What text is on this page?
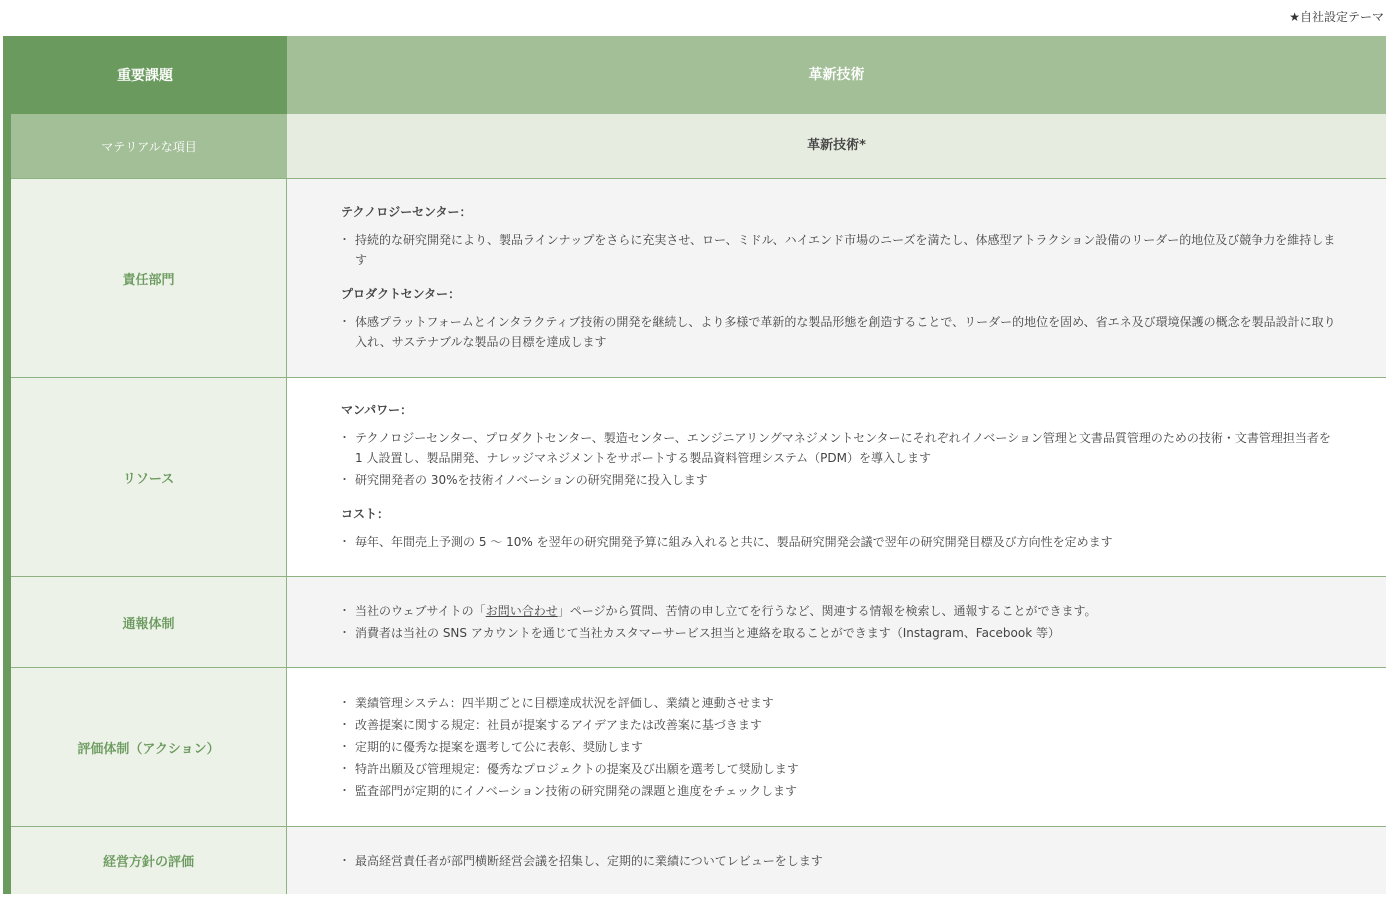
★自社設定テーマ
重要課題	革新技術
マテリアルな項目	革新技術*
責任部門
テクノロジーセンター：
・ 持続的な研究開発により、製品ラインナップをさらに充実させ、ロー、ミドル、ハイエンド市場のニーズを満たし、体感型アトラクション設備のリーダー的地位及び競争力を維持します
プロダクトセンター：
・ 体感プラットフォームとインタラクティブ技術の開発を継続し、より多様で革新的な製品形態を創造することで、リーダー的地位を固め、省エネ及び環境保護の概念を製品設計に取り入れ、サステナブルな製品の目標を達成します
リソース
マンパワー：
・ テクノロジーセンター、プロダクトセンター、製造センター、エンジニアリングマネジメントセンターにそれぞれイノベーション管理と文書品質管理のための技術・文書管理担当者を 1 人設置し、製品開発、ナレッジマネジメントをサポートする製品資料管理システム（PDM）を導入します
・ 研究開発者の 30%を技術イノベーションの研究開発に投入します
コスト：
・ 毎年、年間売上予測の 5 ～ 10% を翌年の研究開発予算に組み入れると共に、製品研究開発会議で翌年の研究開発目標及び方向性を定めます
通報体制
・ 当社のウェブサイトの「お問い合わせ」ページから質問、苦情の申し立てを行うなど、関連する情報を検索し、通報することができます。
・ 消費者は当社の SNS アカウントを通じて当社カスタマーサービス担当と連絡を取ることができます（Instagram、Facebook 等）
評価体制（アクション）
・ 業績管理システム：四半期ごとに目標達成状況を評価し、業績と連動させます
・ 改善提案に関する規定：社員が提案するアイデアまたは改善案に基づきます
・ 定期的に優秀な提案を選考して公に表彰、奨励します
・ 特許出願及び管理規定：優秀なプロジェクトの提案及び出願を選考して奨励します
・ 監査部門が定期的にイノベーション技術の研究開発の課題と進度をチェックします
経営方針の評価
・	最高経営責任者が部門横断経営会議を招集し、定期的に業績についてレビューをします
